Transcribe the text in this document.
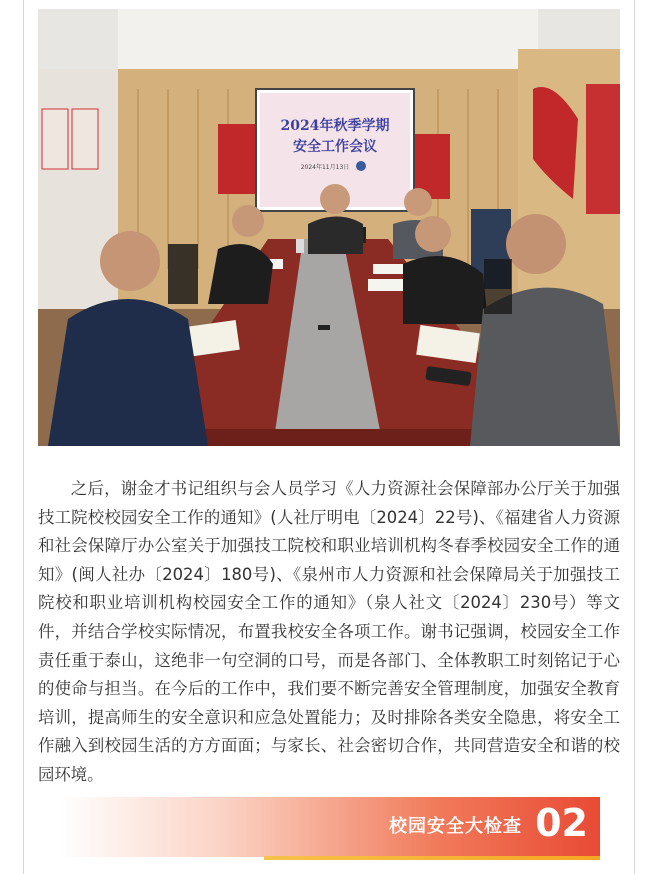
2024年秋季学期
安全工作会议
2024年11月13日

之后，谢金才书记组织与会人员学习《人力资源社会保障部办公厅关于加强技工院校校园安全工作的通知》(人社厅明电〔2024〕22号)、《福建省人力资源和社会保障厅办公室关于加强技工院校和职业培训机构冬春季校园安全工作的通知》(闽人社办〔2024〕180号)、《泉州市人力资源和社会保障局关于加强技工院校和职业培训机构校园安全工作的通知》（泉人社文〔2024〕230号）等文件，并结合学校实际情况，布置我校安全各项工作。谢书记强调，校园安全工作责任重于泰山，这绝非一句空洞的口号，而是各部门、全体教职工时刻铭记于心的使命与担当。在今后的工作中，我们要不断完善安全管理制度，加强安全教育培训，提高师生的安全意识和应急处置能力；及时排除各类安全隐患，将安全工作融入到校园生活的方方面面；与家长、社会密切合作，共同营造安全和谐的校园环境。

校园安全大检查 02
